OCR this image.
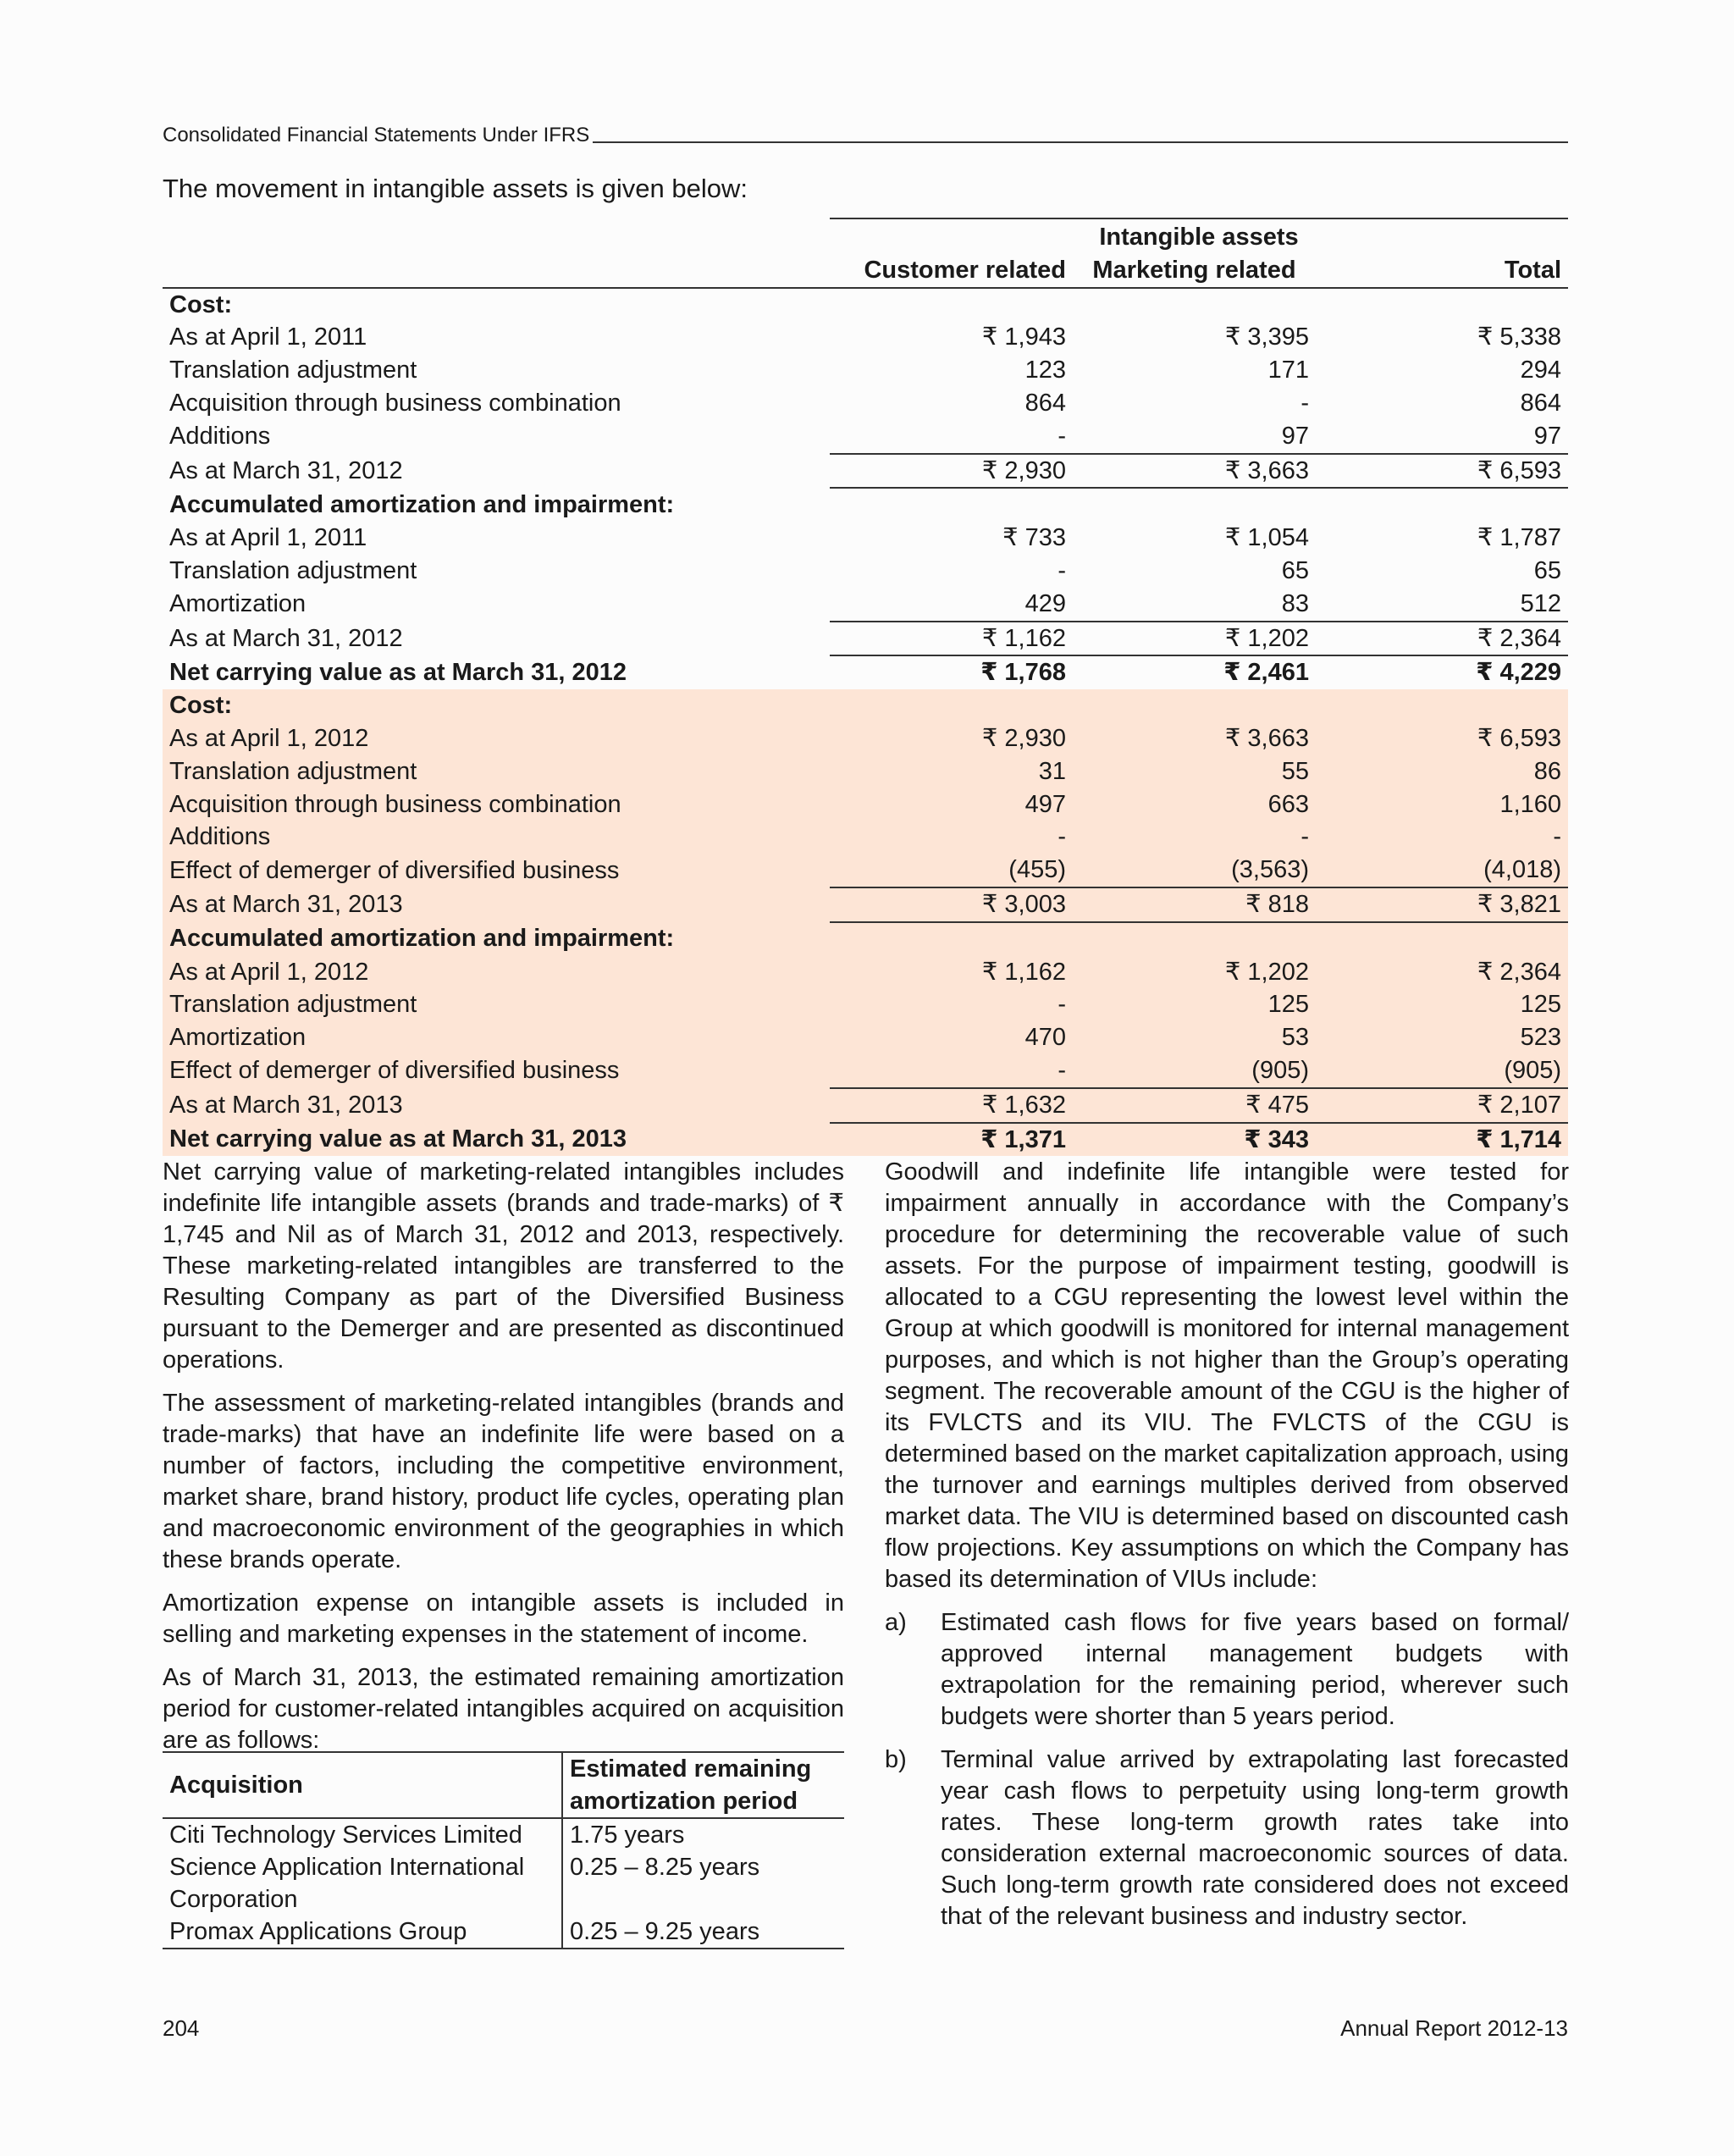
Consolidated Financial Statements Under IFRS
The movement in intangible assets is given below:

	Intangible assets		
	Customer related	Marketing related	Total
Cost:			
As at April 1, 2011	₹ 1,943	₹ 3,395	₹ 5,338
Translation adjustment	123	171	294
Acquisition through business combination	864	-	864
Additions	-	97	97
As at March 31, 2012	₹ 2,930	₹ 3,663	₹ 6,593
Accumulated amortization and impairment:			
As at April 1, 2011	₹ 733	₹ 1,054	₹ 1,787
Translation adjustment	-	65	65
Amortization	429	83	512
As at March 31, 2012	₹ 1,162	₹ 1,202	₹ 2,364
Net carrying value as at March 31, 2012	₹ 1,768	₹ 2,461	₹ 4,229
Cost:			
As at April 1, 2012	₹ 2,930	₹ 3,663	₹ 6,593
Translation adjustment	31	55	86
Acquisition through business combination	497	663	1,160
Additions	-	-	-
Effect of demerger of diversified business	(455)	(3,563)	(4,018)
As at March 31, 2013	₹ 3,003	₹ 818	₹ 3,821
Accumulated amortization and impairment:			
As at April 1, 2012	₹ 1,162	₹ 1,202	₹ 2,364
Translation adjustment	-	125	125
Amortization	470	53	523
Effect of demerger of diversified business	-	(905)	(905)
As at March 31, 2013	₹ 1,632	₹ 475	₹ 2,107
Net carrying value as at March 31, 2013	₹ 1,371	₹ 343	₹ 1,714

Net carrying value of marketing-related intangibles includes indefinite life intangible assets (brands and trade-marks) of ₹ 1,745 and Nil as of March 31, 2012 and 2013, respectively. These marketing-related intangibles are transferred to the Resulting Company as part of the Diversified Business pursuant to the Demerger and are presented as discontinued operations.

The assessment of marketing-related intangibles (brands and trade-marks) that have an indefinite life were based on a number of factors, including the competitive environment, market share, brand history, product life cycles, operating plan and macroeconomic environment of the geographies in which these brands operate.

Amortization expense on intangible assets is included in selling and marketing expenses in the statement of income.

As of March 31, 2013, the estimated remaining amortization period for customer-related intangibles acquired on acquisition are as follows:

Acquisition	Estimated remaining amortization period
Citi Technology Services Limited	1.75 years
Science Application International Corporation	0.25 – 8.25 years
Promax Applications Group	0.25 – 9.25 years

Goodwill and indefinite life intangible were tested for impairment annually in accordance with the Company’s procedure for determining the recoverable value of such assets. For the purpose of impairment testing, goodwill is allocated to a CGU representing the lowest level within the Group at which goodwill is monitored for internal management purposes, and which is not higher than the Group’s operating segment. The recoverable amount of the CGU is the higher of its FVLCTS and its VIU. The FVLCTS of the CGU is determined based on the market capitalization approach, using the turnover and earnings multiples derived from observed market data. The VIU is determined based on discounted cash flow projections. Key assumptions on which the Company has based its determination of VIUs include:

a)	Estimated cash flows for five years based on formal/ approved internal management budgets with extrapolation for the remaining period, wherever such budgets were shorter than 5 years period.

b)	Terminal value arrived by extrapolating last forecasted year cash flows to perpetuity using long-term growth rates. These long-term growth rates take into consideration external macroeconomic sources of data. Such long-term growth rate considered does not exceed that of the relevant business and industry sector.

204	Annual Report 2012-13
